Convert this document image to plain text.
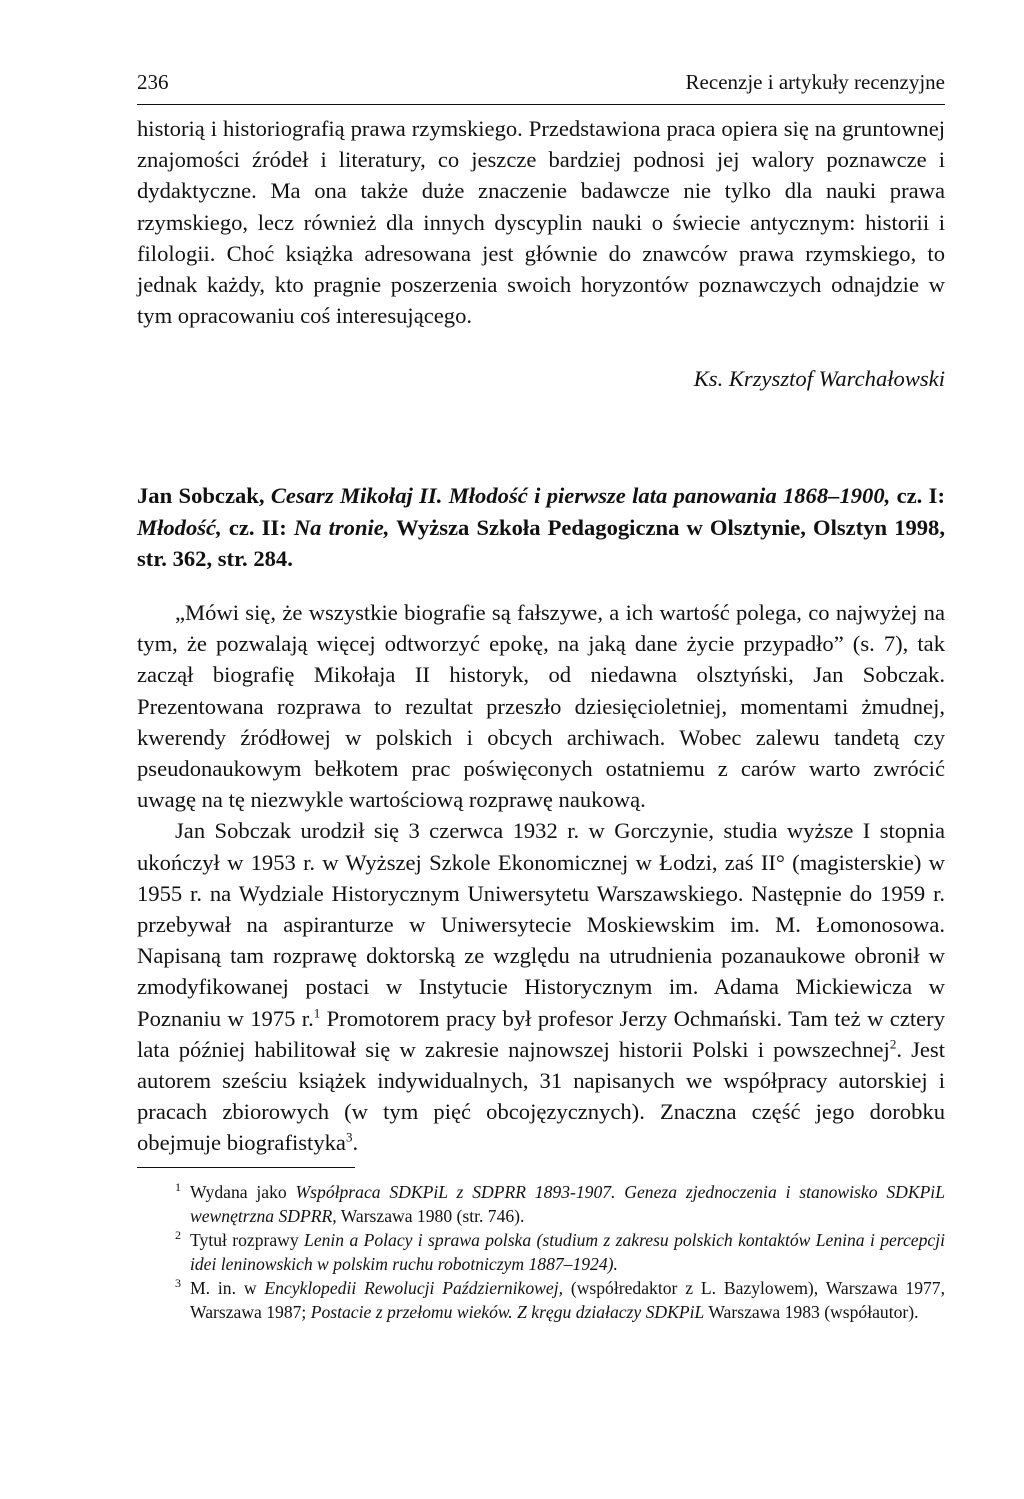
236	Recenzje i artykuły recenzyjne

historią i historiografią prawa rzymskiego. Przedstawiona praca opiera się na gruntownej znajomości źródeł i literatury, co jeszcze bardziej podnosi jej walory poznawcze i dydaktyczne. Ma ona także duże znaczenie badawcze nie tylko dla nauki prawa rzymskiego, lecz również dla innych dyscyplin nauki o świecie antycznym: historii i filologii. Choć książka adresowana jest głównie do znawców prawa rzymskiego, to jednak każdy, kto pragnie poszerzenia swoich horyzontów poznawczych odnajdzie w tym opracowaniu coś interesującego.

Ks. Krzysztof Warchałowski
Jan Sobczak, Cesarz Mikołaj II. Młodość i pierwsze lata panowania 1868–1900, cz. I: Młodość, cz. II: Na tronie, Wyższa Szkoła Pedagogiczna w Olsztynie, Olsztyn 1998, str. 362, str. 284.

„Mówi się, że wszystkie biografie są fałszywe, a ich wartość polega, co najwyżej na tym, że pozwalają więcej odtworzyć epokę, na jaką dane życie przypadło” (s. 7), tak zaczął biografię Mikołaja II historyk, od niedawna olsztyński, Jan Sobczak. Prezentowana rozprawa to rezultat przeszło dziesięcioletniej, momentami żmudnej, kwerendy źródłowej w polskich i obcych archiwach. Wobec zalewu tandetą czy pseudonaukowym bełkotem prac poświęconych ostatniemu z carów warto zwrócić uwagę na tę niezwykle wartościową rozprawę naukową.

Jan Sobczak urodził się 3 czerwca 1932 r. w Gorczynie, studia wyższe I stopnia ukończył w 1953 r. w Wyższej Szkole Ekonomicznej w Łodzi, zaś II° (magisterskie) w 1955 r. na Wydziale Historycznym Uniwersytetu Warszawskiego. Następnie do 1959 r. przebywał na aspiranturze w Uniwersytecie Moskiewskim im. M. Łomonosowa. Napisaną tam rozprawę doktorską ze względu na utrudnienia pozanaukowe obronił w zmodyfikowanej postaci w Instytucie Historycznym im. Adama Mickiewicza w Poznaniu w 1975 r.$^1$ Promotorem pracy był profesor Jerzy Ochmański. Tam też w cztery lata później habilitował się w zakresie najnowszej historii Polski i powszechnej$^2$. Jest autorem sześciu książek indywidualnych, 31 napisanych we współpracy autorskiej i pracach zbiorowych (w tym pięć obcojęzycznych). Znaczna część jego dorobku obejmuje biografistyka$^3$.

1 Wydana jako Współpraca SDKPiL z SDPRR 1893-1907. Geneza zjednoczenia i stanowisko SDKPiL wewnętrzna SDPRR, Warszawa 1980 (str. 746).

2 Tytuł rozprawy Lenin a Polacy i sprawa polska (studium z zakresu polskich kontaktów Lenina i percepcji idei leninowskich w polskim ruchu robotniczym 1887–1924).

3 M. in. w Encyklopedii Rewolucji Październikowej, (współredaktor z L. Bazylowem), Warszawa 1977, Warszawa 1987; Postacie z przełomu wieków. Z kręgu działaczy SDKPiL Warszawa 1983 (współautor).
